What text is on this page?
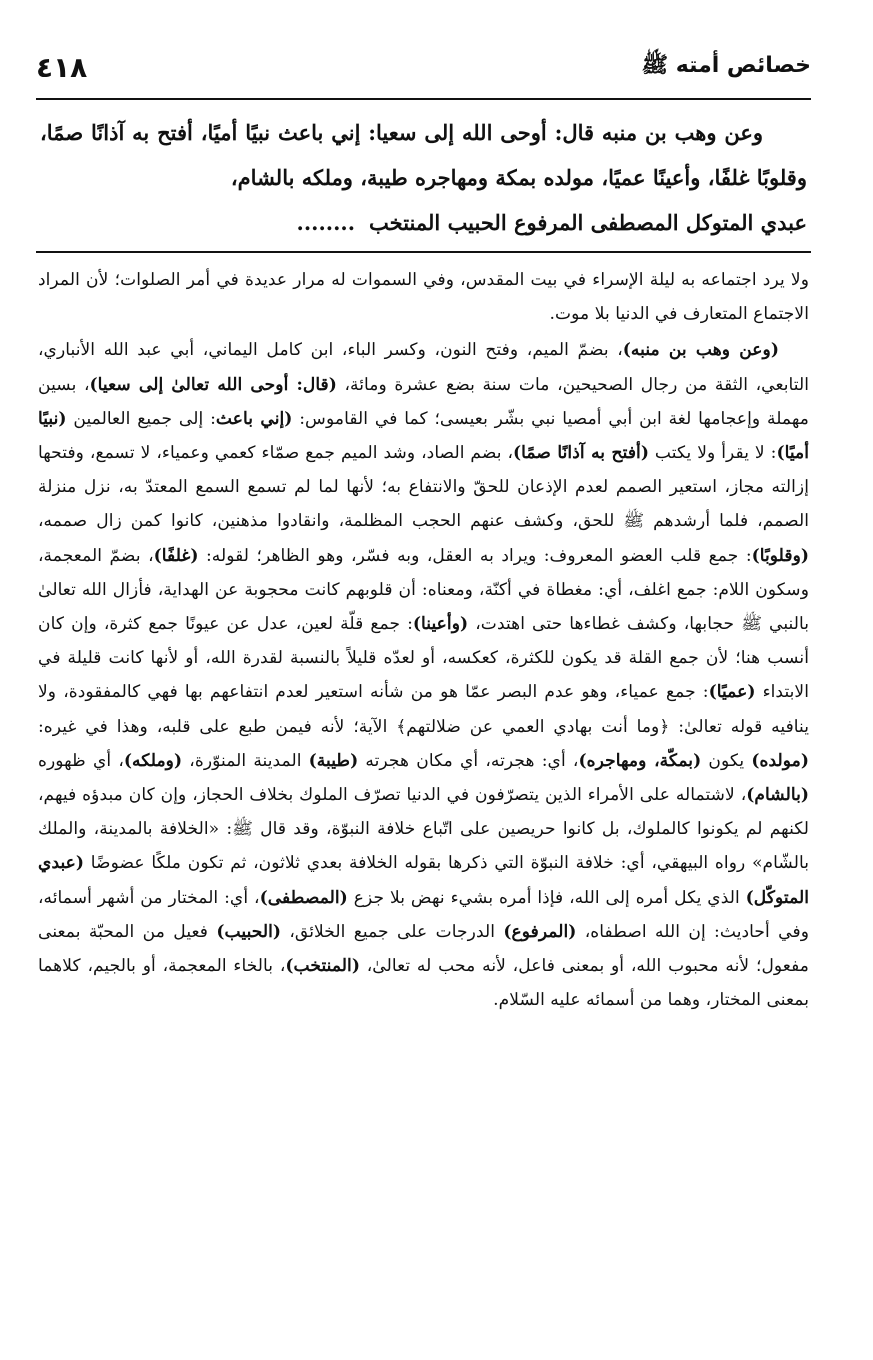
خصائص أمته ﷺ
٤١٨

وعن وهب بن منبه قال: أوحى الله إلى سعيا: إني باعث نبيًا أميًا، أفتح به آذانًا صمًا، وقلوبًا غلفًا، وأعينًا عميًا، مولده بمكة ومهاجره طيبة، وملكه بالشام،

عبدي المتوكل المصطفى المرفوع الحبيب المنتخب
........

ولا يرد اجتماعه به ليلة الإسراء في بيت المقدس، وفي السموات له مرار عديدة في أمر الصلوات؛ لأن المراد الاجتماع المتعارف في الدنيا بلا موت.

(وعن وهب بن منبه)، بضمّ الميم، وفتح النون، وكسر الباء، ابن كامل اليماني، أبي عبد الله الأنباري، التابعي، الثقة من رجال الصحيحين، مات سنة بضع عشرة ومائة، (قال: أوحى الله تعالىٰ إلى سعيا)، بسين مهملة وإعجامها لغة ابن أبي أمصيا نبي بشّر بعيسى؛ كما في القاموس: (إني باعث: إلى جميع العالمين (نبيًا أميًا): لا يقرأ ولا يكتب (أفتح به آذانًا صمًا)، بضم الصاد، وشد الميم جمع صمّاء كعمي وعمياء، لا تسمع، وفتحها إزالته مجاز، استعير الصمم لعدم الإذعان للحقّ والانتفاع به؛ لأنها لما لم تسمع السمع المعتدّ به، نزل منزلة الصمم، فلما أرشدهم ﷺ للحق، وكشف عنهم الحجب المظلمة، وانقادوا مذهنين، كانوا كمن زال صممه، (وقلوبًا): جمع قلب العضو المعروف: ويراد به العقل، وبه فسّر، وهو الظاهر؛ لقوله: (غلفًا)، بضمّ المعجمة، وسكون اللام: جمع اغلف، أي: مغطاة في أكنّة، ومعناه: أن قلوبهم كانت محجوبة عن الهداية، فأزال الله تعالىٰ بالنبي ﷺ حجابها، وكشف غطاءها حتى اهتدت، (وأعينا): جمع قلّة لعين، عدل عن عيونًا جمع كثرة، وإن كان أنسب هنا؛ لأن جمع القلة قد يكون للكثرة، كعكسه، أو لعدّه قليلاً بالنسبة لقدرة الله، أو لأنها كانت قليلة في الابتداء (عميًا): جمع عمياء، وهو عدم البصر عمّا هو من شأنه استعير لعدم انتفاعهم بها فهي كالمفقودة، ولا ينافيه قوله تعالىٰ: ﴿وما أنت بهادي العمي عن ضلالتهم﴾ الآية؛ لأنه فيمن طبع على قلبه، وهذا في غيره: (مولده) يكون (بمكّة، ومهاجره)، أي: هجرته، أي مكان هجرته (طيبة) المدينة المنوّرة، (وملكه)، أي ظهوره (بالشام)، لاشتماله على الأمراء الذين يتصرّفون في الدنيا تصرّف الملوك بخلاف الحجاز، وإن كان مبدؤه فيهم، لكنهم لم يكونوا كالملوك، بل كانوا حريصين على اتّباع خلافة النبوّة، وقد قال ﷺ: «الخلافة بالمدينة، والملك بالشّام» رواه البيهقي، أي: خلافة النبوّة التي ذكرها بقوله الخلافة بعدي ثلاثون، ثم تكون ملكًا عضوضًا (عبدي المتوكّل) الذي يكل أمره إلى الله، فإذا أمره بشيء نهض بلا جزع (المصطفى)، أي: المختار من أشهر أسمائه، وفي أحاديث: إن الله اصطفاه، (المرفوع) الدرجات على جميع الخلائق، (الحبيب) فعيل من المحبّة بمعنى مفعول؛ لأنه محبوب الله، أو بمعنى فاعل، لأنه محب له تعالىٰ، (المنتخب)، بالخاء المعجمة، أو بالجيم، كلاهما بمعنى المختار، وهما من أسمائه عليه السّلام.
